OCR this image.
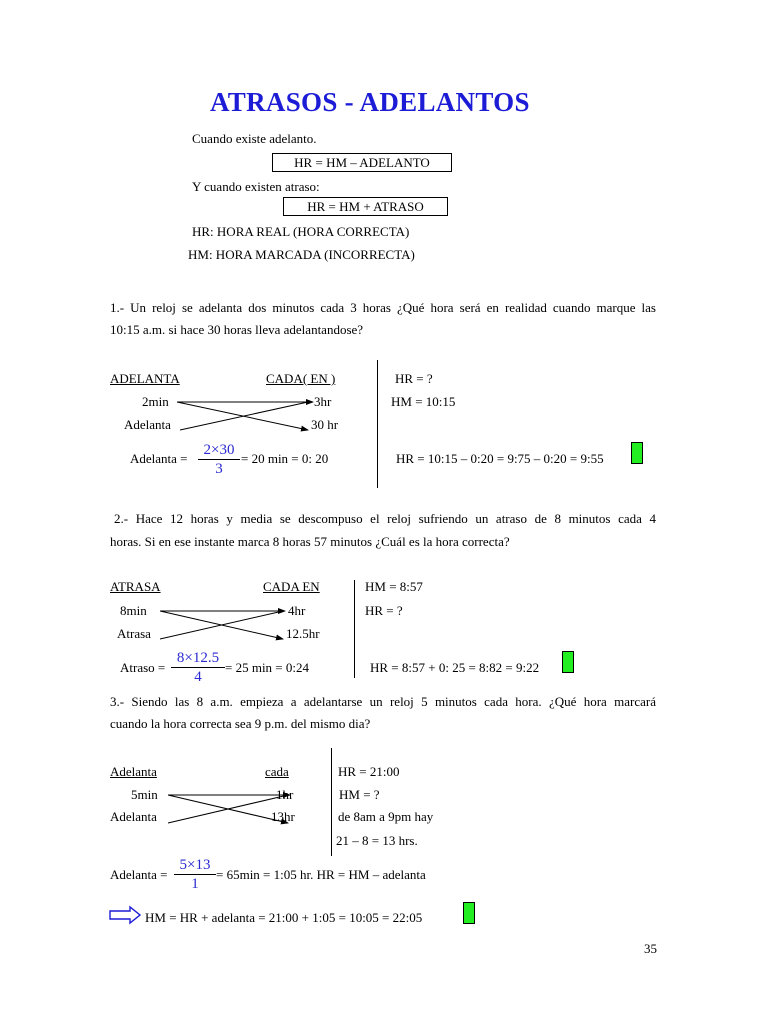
ATRASOS - ADELANTOS
Cuando existe adelanto.
HR = HM – ADELANTO
Y cuando existen atraso:
HR = HM + ATRASO
HR: HORA REAL (HORA CORRECTA)
HM: HORA MARCADA (INCORRECTA)
1.- Un reloj se adelanta dos minutos cada 3 horas ¿Qué hora será en realidad cuando marque las
10:15 a.m. si hace 30 horas lleva adelantandose?
ADELANTA	CADA( EN )
2min	3hr
Adelanta	30 hr
Adelanta =
2×30
3
= 20 min = 0: 20
HR = ?
HM = 10:15
HR = 10:15 – 0:20 = 9:75 – 0:20 = 9:55
2.- Hace 12 horas y media se descompuso el reloj sufriendo un atraso de 8 minutos cada 4
horas. Si en ese instante marca 8 horas 57 minutos ¿Cuál es la hora correcta?
ATRASA	CADA EN
8min	4hr
Atrasa	12.5hr
Atraso =
8×12.5
4
= 25 min = 0:24
HM = 8:57
HR = ?
HR = 8:57 + 0: 25 = 8:82 = 9:22
3.- Siendo las 8 a.m. empieza a adelantarse un reloj 5 minutos cada hora. ¿Qué hora marcará
cuando la hora correcta sea 9 p.m. del mismo dia?
Adelanta	cada
5min	1hr
Adelanta	13hr
HR = 21:00
HM = ?
de 8am a 9pm hay
21 – 8 = 13 hrs.
Adelanta =
5×13
1
= 65min = 1:05 hr. HR = HM – adelanta
HM = HR + adelanta = 21:00 + 1:05 = 10:05 = 22:05
35
